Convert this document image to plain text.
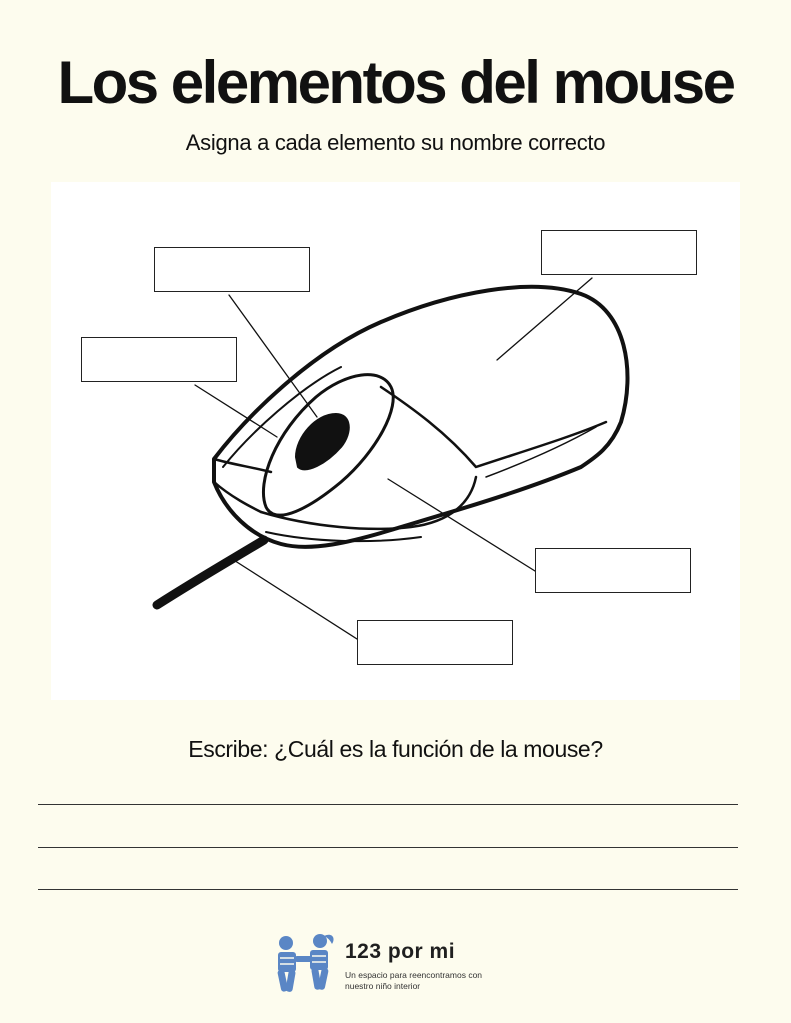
Los elementos del mouse
Asigna a cada elemento su nombre correcto
Escribe: ¿Cuál es la función de la mouse?
123 por mi
Un espacio para reencontramos con nuestro niño interior
